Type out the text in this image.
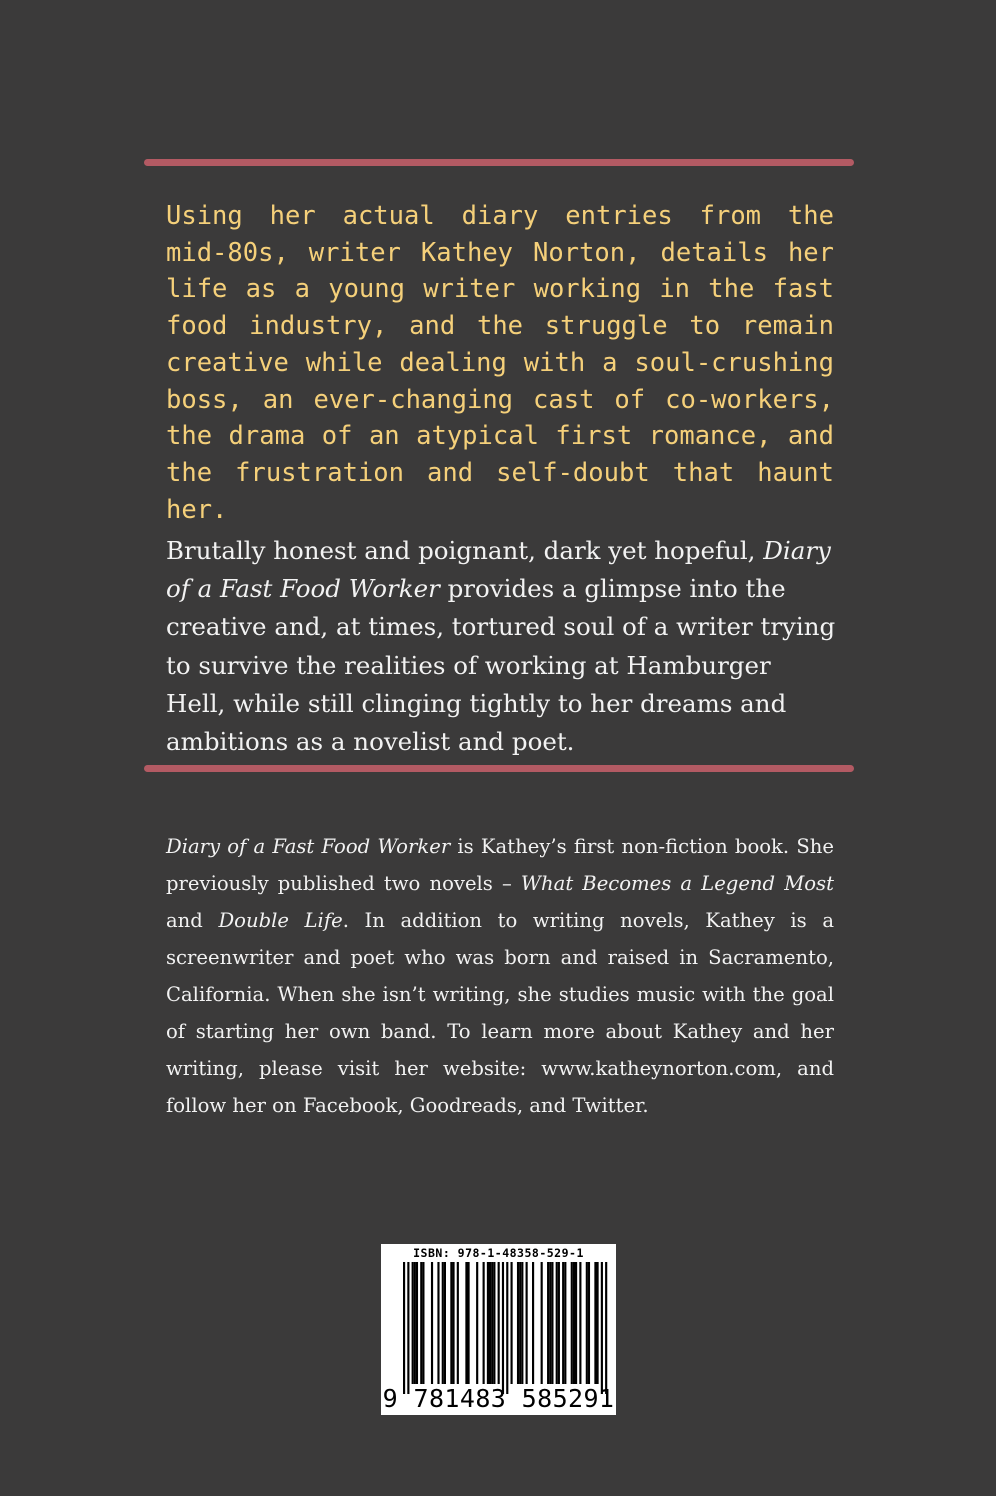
Using her actual diary entries from the mid-80s, writer Kathey Norton, details her life as a young writer working in the fast food industry, and the struggle to remain creative while dealing with a soul-crushing boss, an ever-changing cast of co-workers, the drama of an atypical first romance, and the frustration and self-doubt that haunt her.

Brutally honest and poignant, dark yet hopeful, Diary of a Fast Food Worker provides a glimpse into the creative and, at times, tortured soul of a writer trying to survive the realities of working at Hamburger Hell, while still clinging tightly to her dreams and ambitions as a novelist and poet.

Diary of a Fast Food Worker is Kathey’s first non-fiction book. She previously published two novels – What Becomes a Legend Most and Double Life. In addition to writing novels, Kathey is a screenwriter and poet who was born and raised in Sacramento, California. When she isn’t writing, she studies music with the goal of starting her own band. To learn more about Kathey and her writing, please visit her website: www.katheynorton.com, and follow her on Facebook, Goodreads, and Twitter.

ISBN: 978-1-48358-529-1
9 781483 585291
